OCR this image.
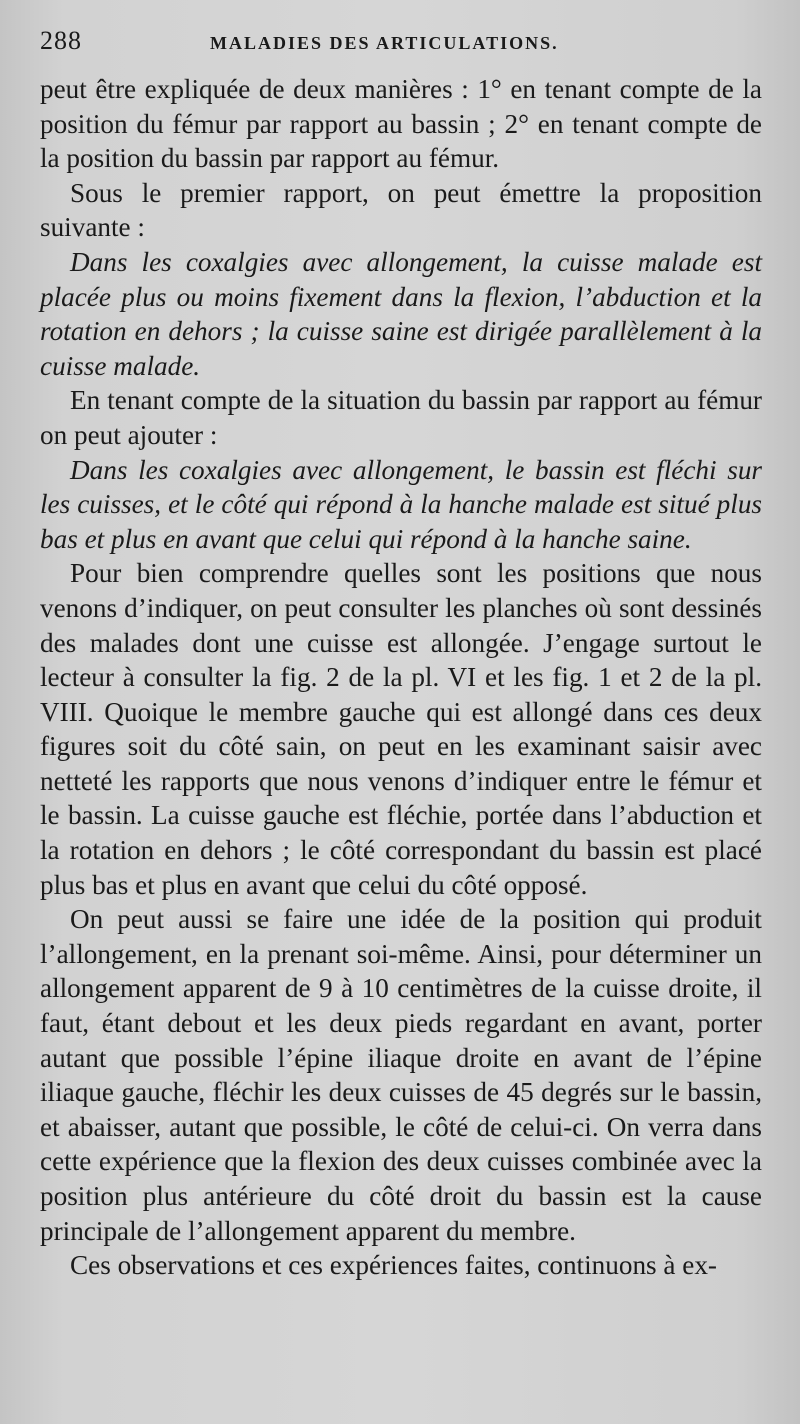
288	MALADIES DES ARTICULATIONS.

peut être expliquée de deux manières : 1° en tenant compte de la position du fémur par rapport au bassin ; 2° en tenant compte de la position du bassin par rapport au fémur.

Sous le premier rapport, on peut émettre la proposition suivante :

Dans les coxalgies avec allongement, la cuisse malade est placée plus ou moins fixement dans la flexion, l’abduction et la rotation en dehors ; la cuisse saine est dirigée parallèlement à la cuisse malade.

En tenant compte de la situation du bassin par rapport au fémur on peut ajouter :

Dans les coxalgies avec allongement, le bassin est fléchi sur les cuisses, et le côté qui répond à la hanche malade est situé plus bas et plus en avant que celui qui répond à la hanche saine.

Pour bien comprendre quelles sont les positions que nous venons d’indiquer, on peut consulter les planches où sont dessinés des malades dont une cuisse est allongée. J’engage surtout le lecteur à consulter la fig. 2 de la pl. VI et les fig. 1 et 2 de la pl. VIII. Quoique le membre gauche qui est allongé dans ces deux figures soit du côté sain, on peut en les examinant saisir avec netteté les rapports que nous venons d’indiquer entre le fémur et le bassin. La cuisse gauche est fléchie, portée dans l’abduction et la rotation en dehors ; le côté correspondant du bassin est placé plus bas et plus en avant que celui du côté opposé.

On peut aussi se faire une idée de la position qui produit l’allongement, en la prenant soi-même. Ainsi, pour déterminer un allongement apparent de 9 à 10 centimètres de la cuisse droite, il faut, étant debout et les deux pieds regardant en avant, porter autant que possible l’épine iliaque droite en avant de l’épine iliaque gauche, fléchir les deux cuisses de 45 degrés sur le bassin, et abaisser, autant que possible, le côté de celui-ci. On verra dans cette expérience que la flexion des deux cuisses combinée avec la position plus antérieure du côté droit du bassin est la cause principale de l’allongement apparent du membre.

Ces observations et ces expériences faites, continuons à ex-
